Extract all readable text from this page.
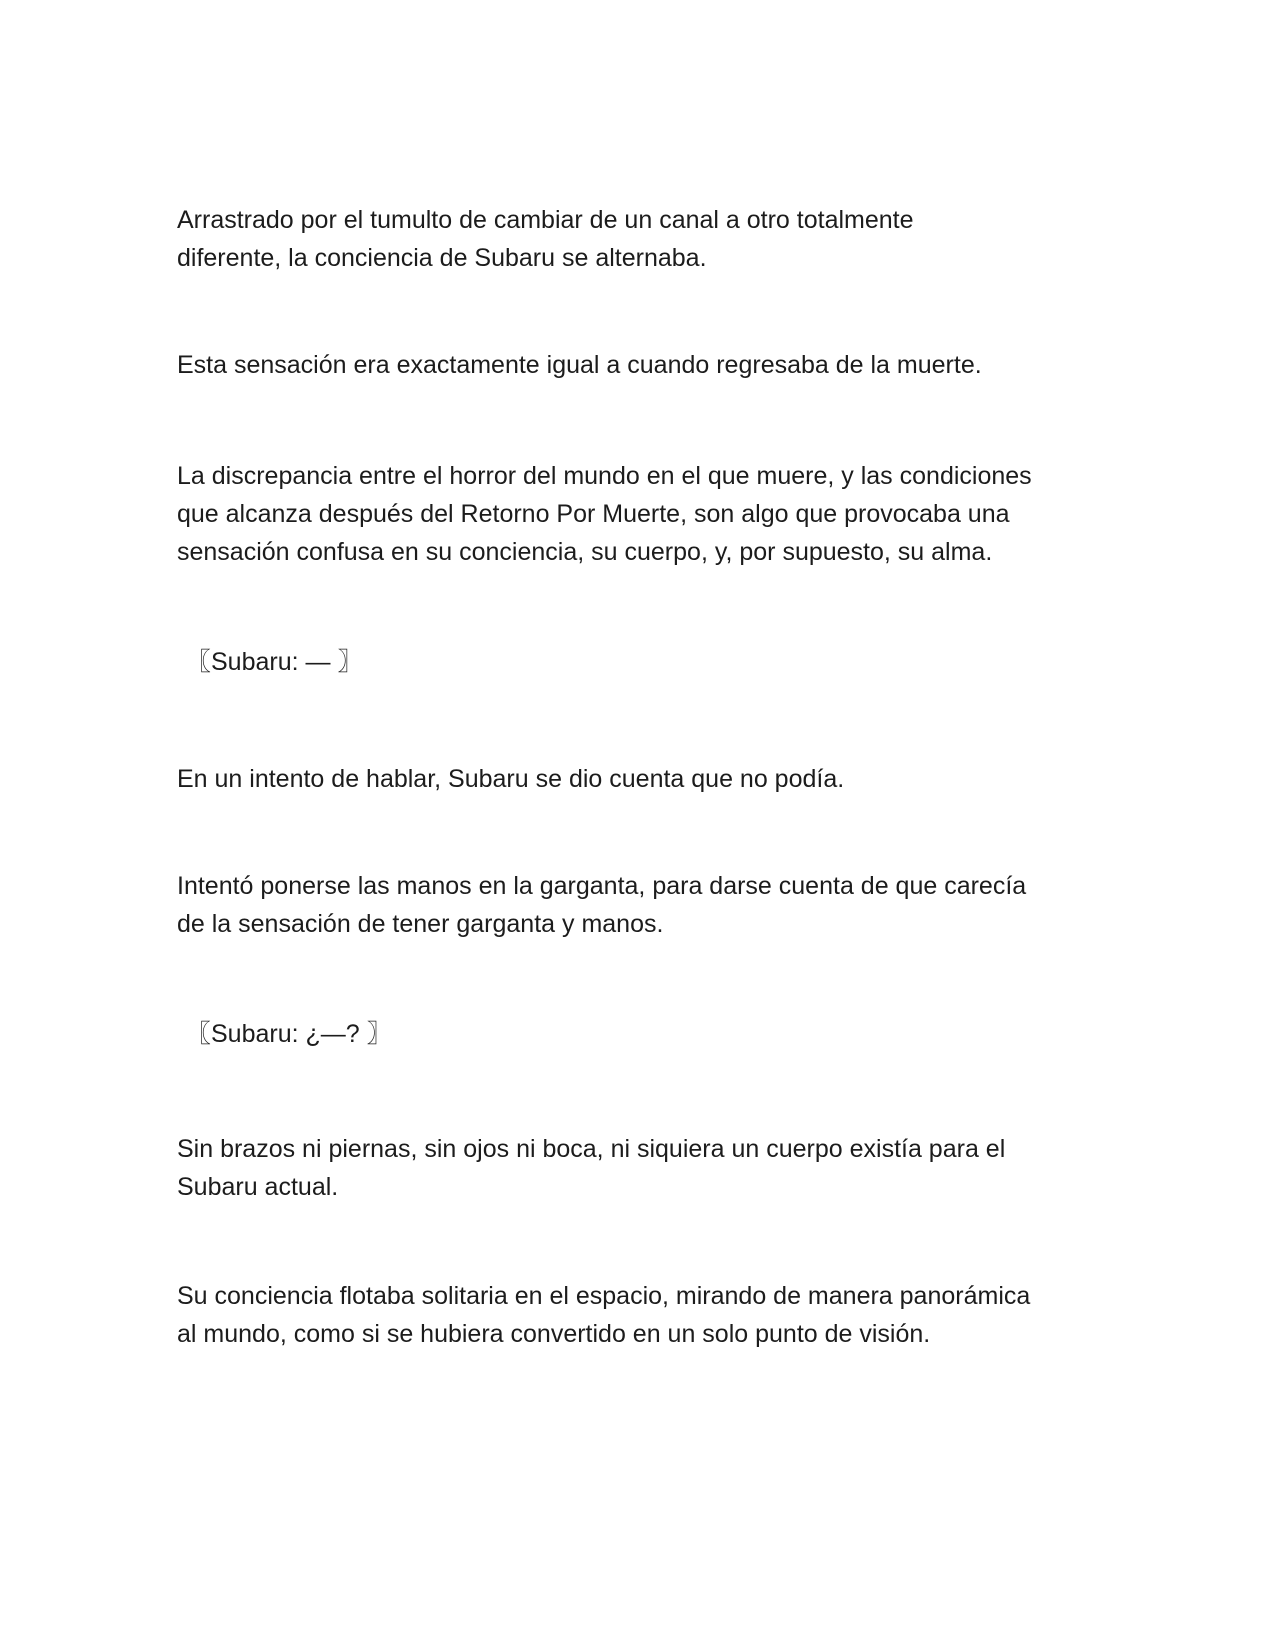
Arrastrado por el tumulto de cambiar de un canal a otro totalmente
diferente, la conciencia de Subaru se alternaba.

Esta sensación era exactamente igual a cuando regresaba de la muerte.

La discrepancia entre el horror del mundo en el que muere, y las condiciones
que alcanza después del Retorno Por Muerte, son algo que provocaba una
sensación confusa en su conciencia, su cuerpo, y, por supuesto, su alma.

〖Subaru: — 〗

En un intento de hablar, Subaru se dio cuenta que no podía.

Intentó ponerse las manos en la garganta, para darse cuenta de que carecía
de la sensación de tener garganta y manos.

〖Subaru: ¿—? 〗

Sin brazos ni piernas, sin ojos ni boca, ni siquiera un cuerpo existía para el
Subaru actual.

Su conciencia flotaba solitaria en el espacio, mirando de manera panorámica
al mundo, como si se hubiera convertido en un solo punto de visión.
